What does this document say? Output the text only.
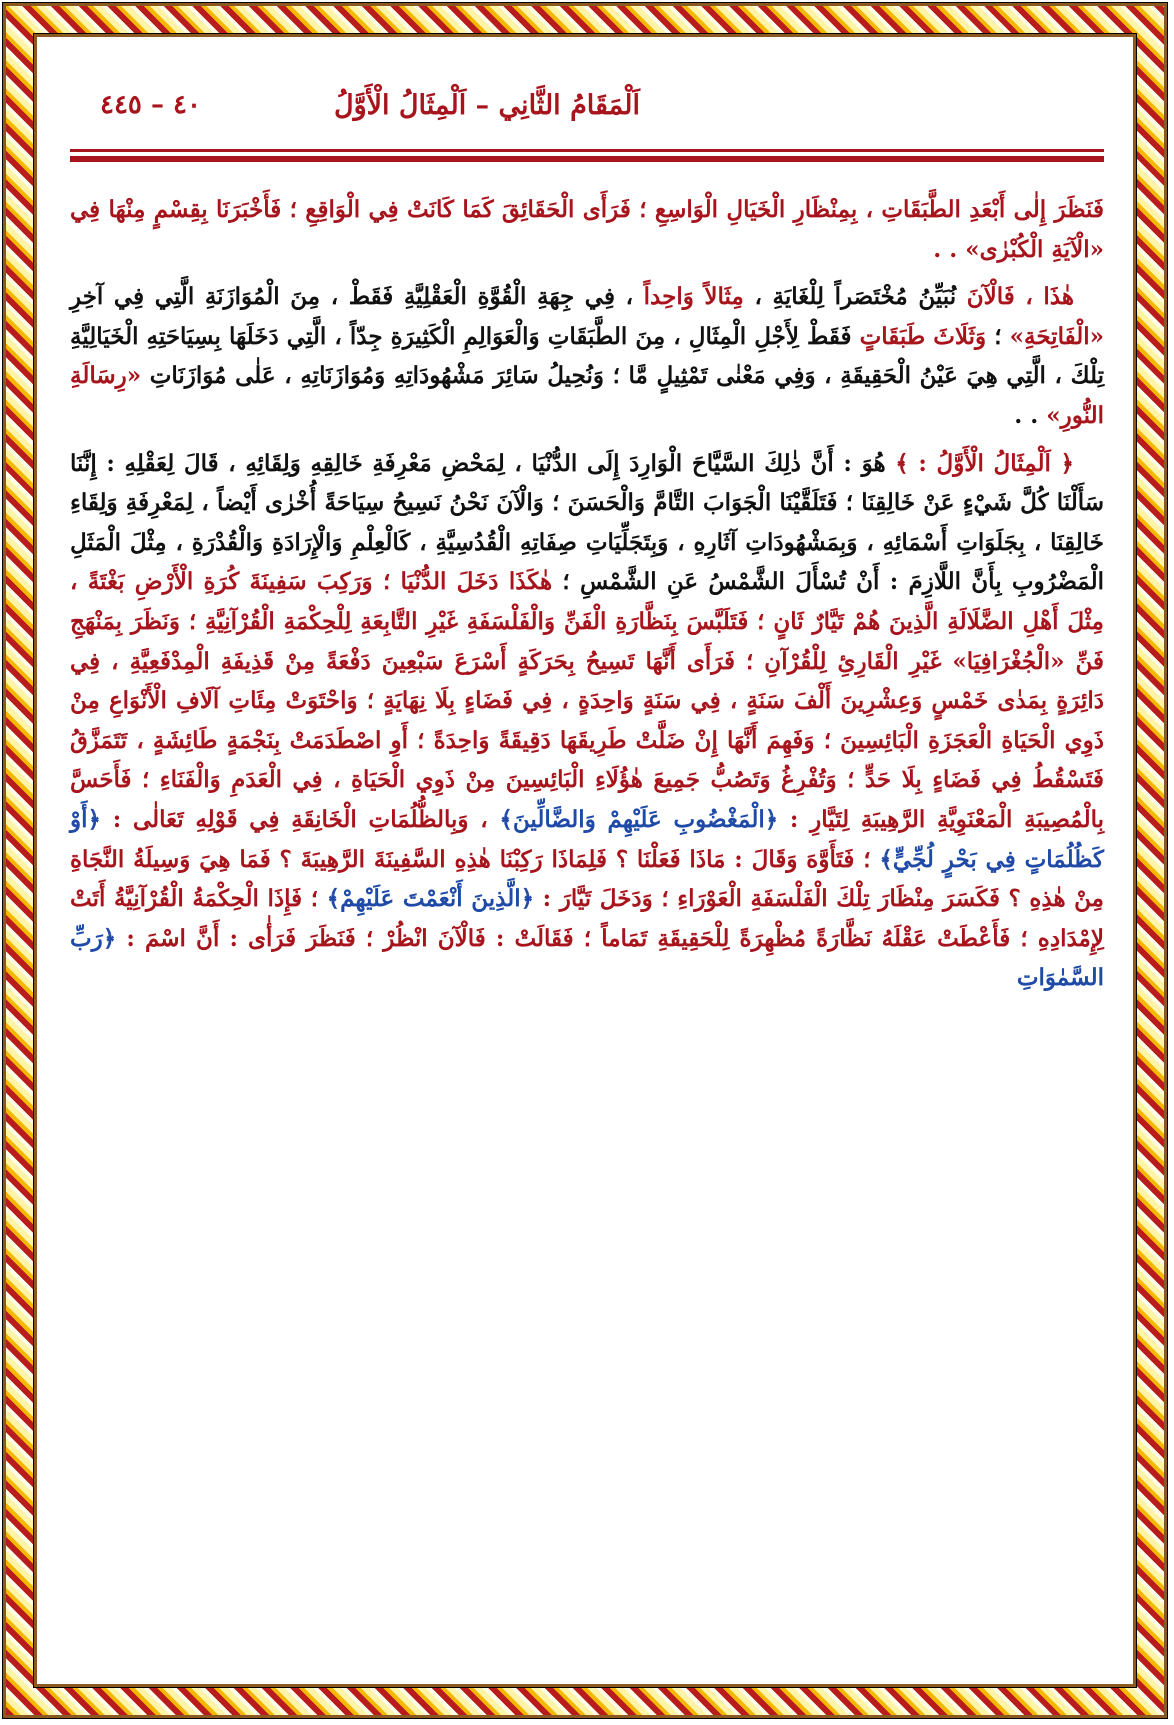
اَلْمَقَامُ الثَّانِي – اَلْمِثَالُ الْأَوَّلُ
٤٠ – ٤٤٥

فَنَظَرَ إِلٰى أَبْعَدِ الطَّبَقَاتِ ، بِمِنْظَارِ الْخَيَالِ الْوَاسِعِ ؛ فَرَأَى الْحَقَائِقَ كَمَا كَانَتْ فِي الْوَاقِعِ ؛ فَأَخْبَرَنَا بِقِسْمٍ مِنْهَا فِي «الْآيَةِ الْكُبْرٰى» . .

هٰذَا ، فَالْآنَ نُبَيِّنُ مُخْتَصَراً لِلْغَايَةِ ، مِثَالاً وَاحِداً ، فِي جِهَةِ الْقُوَّةِ الْعَقْلِيَّةِ فَقَطْ ، مِنَ الْمُوَازَنَةِ الَّتِي فِي آخِرِ «الْفَاتِحَةِ» ؛ وَثَلَاثَ طَبَقَاتٍ فَقَطْ لِأَجْلِ الْمِثَالِ ، مِنَ الطَّبَقَاتِ وَالْعَوَالِمِ الْكَثِيرَةِ جِدّاً ، الَّتِي دَخَلَهَا بِسِيَاحَتِهِ الْخَيَالِيَّةِ تِلْكَ ، الَّتِي هِيَ عَيْنُ الْحَقِيقَةِ ، وَفِي مَعْنٰى تَمْثِيلٍ مَّا ؛ وَنُحِيلُ سَائِرَ مَشْهُودَاتِهِ وَمُوَازَنَاتِهِ ، عَلٰى مُوَازَنَاتِ «رِسَالَةِ النُّورِ» . .

﴿ اَلْمِثَالُ الْأَوَّلُ : ﴾ هُوَ : أَنَّ ذٰلِكَ السَّيَّاحَ الْوَارِدَ إِلَى الدُّنْيَا ، لِمَحْضِ مَعْرِفَةِ خَالِقِهِ وَلِقَائِهِ ، قَالَ لِعَقْلِهِ : إِنَّنَا سَأَلْنَا كُلَّ شَيْءٍ عَنْ خَالِقِنَا ؛ فَتَلَقَّيْنَا الْجَوَابَ التَّامَّ وَالْحَسَنَ ؛ وَالْآنَ نَحْنُ نَسِيحُ سِيَاحَةً أُخْرٰى أَيْضاً ، لِمَعْرِفَةِ وَلِقَاءِ خَالِقِنَا ، بِجَلَوَاتِ أَسْمَائِهِ ، وَبِمَشْهُودَاتِ آثَارِهِ ، وَبِتَجَلِّيَاتِ صِفَاتِهِ الْقُدُسِيَّةِ ، كَالْعِلْمِ وَالْإِرَادَةِ وَالْقُدْرَةِ ، مِثْلَ الْمَثَلِ الْمَضْرُوبِ بِأَنَّ اللَّازِمَ : أَنْ تُسْأَلَ الشَّمْسُ عَنِ الشَّمْسِ ؛ هٰكَذَا دَخَلَ الدُّنْيَا ؛ وَرَكِبَ سَفِينَةَ كُرَةِ الْأَرْضِ بَغْتَةً ، مِثْلَ أَهْلِ الضَّلَالَةِ الَّذِينَ هُمْ تَيَّارٌ ثَانٍ ؛ فَتَلَبَّسَ بِنَظَّارَةِ الْفَنِّ وَالْفَلْسَفَةِ غَيْرِ التَّابِعَةِ لِلْحِكْمَةِ الْقُرْآنِيَّةِ ؛ وَنَظَرَ بِمَنْهَجِ فَنِّ «الْجُغْرَافِيَا» غَيْرِ الْقَارِئِ لِلْقُرْآنِ ؛ فَرَأَى أَنَّهَا تَسِيحُ بِحَرَكَةٍ أَسْرَعَ سَبْعِينَ دَفْعَةً مِنْ قَذِيفَةِ الْمِدْفَعِيَّةِ ، فِي دَائِرَةٍ بِمَدٰى خَمْسٍ وَعِشْرِينَ أَلْفَ سَنَةٍ ، فِي سَنَةٍ وَاحِدَةٍ ، فِي فَضَاءٍ بِلَا نِهَايَةٍ ؛ وَاحْتَوَتْ مِئَاتِ آلَافِ الْأَنْوَاعِ مِنْ ذَوِي الْحَيَاةِ الْعَجَزَةِ الْبَائِسِينَ ؛ وَفَهِمَ أَنَّهَا إِنْ ضَلَّتْ طَرِيقَهَا دَقِيقَةً وَاحِدَةً ؛ أَوِ اصْطَدَمَتْ بِنَجْمَةٍ طَائِشَةٍ ، تَتَمَزَّقُ فَتَسْقُطُ فِي فَضَاءٍ بِلَا حَدٍّ ؛ وَتُفْرِغُ وَتَصُبُّ جَمِيعَ هٰؤُلَاءِ الْبَائِسِينَ مِنْ ذَوِي الْحَيَاةِ ، فِي الْعَدَمِ وَالْفَنَاءِ ؛ فَأَحَسَّ بِالْمُصِيبَةِ الْمَعْنَوِيَّةِ الرَّهِيبَةِ لِتَيَّارِ : ﴿الْمَغْضُوبِ عَلَيْهِمْ وَالضَّالِّينَ﴾ ، وَبِالظُّلُمَاتِ الْخَانِقَةِ فِي قَوْلِهِ تَعَالٰى : ﴿أَوْ كَظُلُمَاتٍ فِي بَحْرٍ لُجِّيٍّ﴾ ؛ فَتَأَوَّهَ وَقَالَ : مَاذَا فَعَلْنَا ؟ فَلِمَاذَا رَكِبْنَا هٰذِهِ السَّفِينَةَ الرَّهِيبَةَ ؟ فَمَا هِيَ وَسِيلَةُ النَّجَاةِ مِنْ هٰذِهِ ؟ فَكَسَرَ مِنْظَارَ تِلْكَ الْفَلْسَفَةِ الْعَوْرَاءِ ؛ وَدَخَلَ تَيَّارَ : ﴿الَّذِينَ أَنْعَمْتَ عَلَيْهِمْ﴾ ؛ فَإِذَا الْحِكْمَةُ الْقُرْآنِيَّةُ أَتَتْ لِإِمْدَادِهِ ؛ فَأَعْطَتْ عَقْلَهُ نَظَّارَةً مُظْهِرَةً لِلْحَقِيقَةِ تَمَاماً ؛ فَقَالَتْ : فَالْآنَ انْظُرْ ؛ فَنَظَرَ فَرَأٰى : أَنَّ اسْمَ : ﴿رَبِّ السَّمٰوَاتِ
